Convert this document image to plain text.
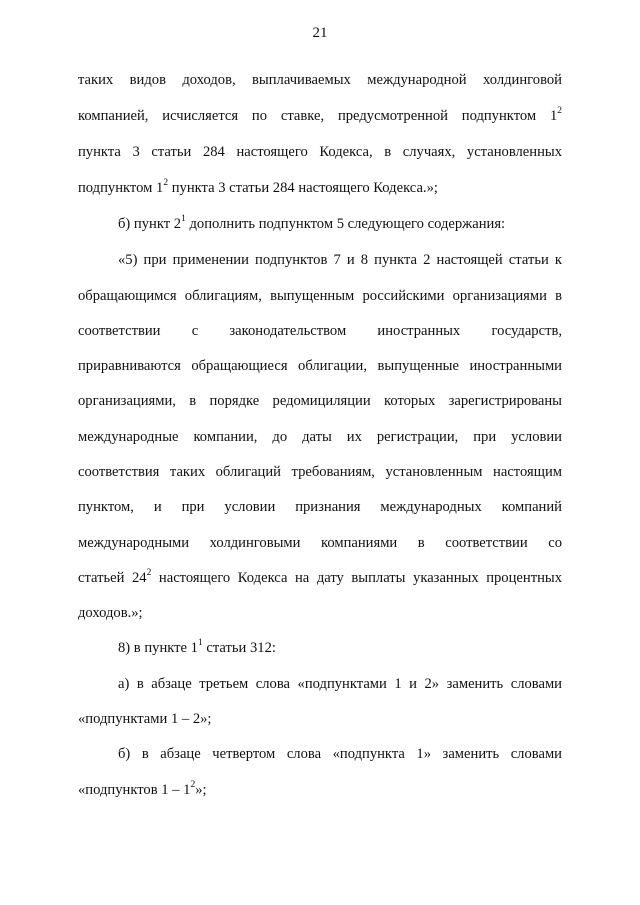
21
таких видов доходов, выплачиваемых международной холдинговой
компанией, исчисляется по ставке, предусмотренной подпунктом $1^2$
пункта 3 статьи 284 настоящего Кодекса, в случаях, установленных
подпунктом $1^2$ пункта 3 статьи 284 настоящего Кодекса.»;
б) пункт $2^1$ дополнить подпунктом 5 следующего содержания:
«5) при применении подпунктов 7 и 8 пункта 2 настоящей статьи к
обращающимся облигациям, выпущенным российскими организациями в
соответствии с законодательством иностранных государств,
приравниваются обращающиеся облигации, выпущенные иностранными
организациями, в порядке редомициляции которых зарегистрированы
международные компании, до даты их регистрации, при условии
соответствия таких облигаций требованиям, установленным настоящим
пунктом, и при условии признания международных компаний
международными холдинговыми компаниями в соответствии со
статьей $24^2$ настоящего Кодекса на дату выплаты указанных процентных
доходов.»;
8) в пункте $1^1$ статьи 312:
а) в абзаце третьем слова «подпунктами 1 и 2» заменить словами
«подпунктами 1 – 2»;
б) в абзаце четвертом слова «подпункта 1» заменить словами
«подпунктов $1 - 1^2$»;
